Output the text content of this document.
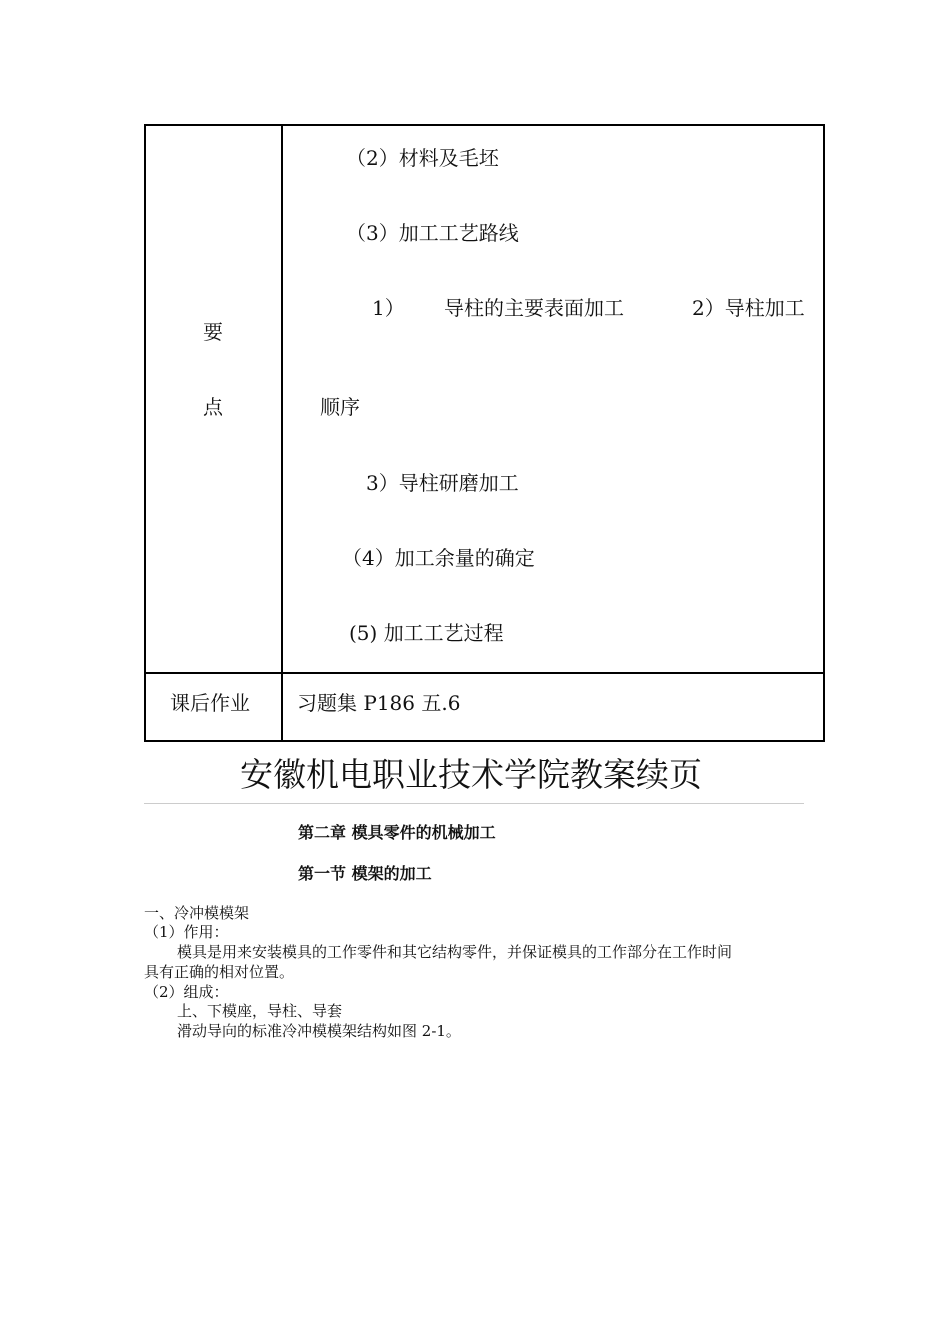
要
点
（2）材料及毛坯
（3）加工工艺路线
1） 导柱的主要表面加工	2）导柱加工
顺序
3）导柱研磨加工
（4）加工余量的确定
(5) 加工工艺过程
课后作业 习题集 P186 五.6
安徽机电职业技术学院教案续页
第二章 模具零件的机械加工
第一节 模架的加工
一、冷冲模模架
（1）作用：
模具是用来安装模具的工作零件和其它结构零件，并保证模具的工作部分在工作时间
具有正确的相对位置。
（2）组成：
上、下模座，导柱、导套
滑动导向的标准冷冲模模架结构如图 2-1。
